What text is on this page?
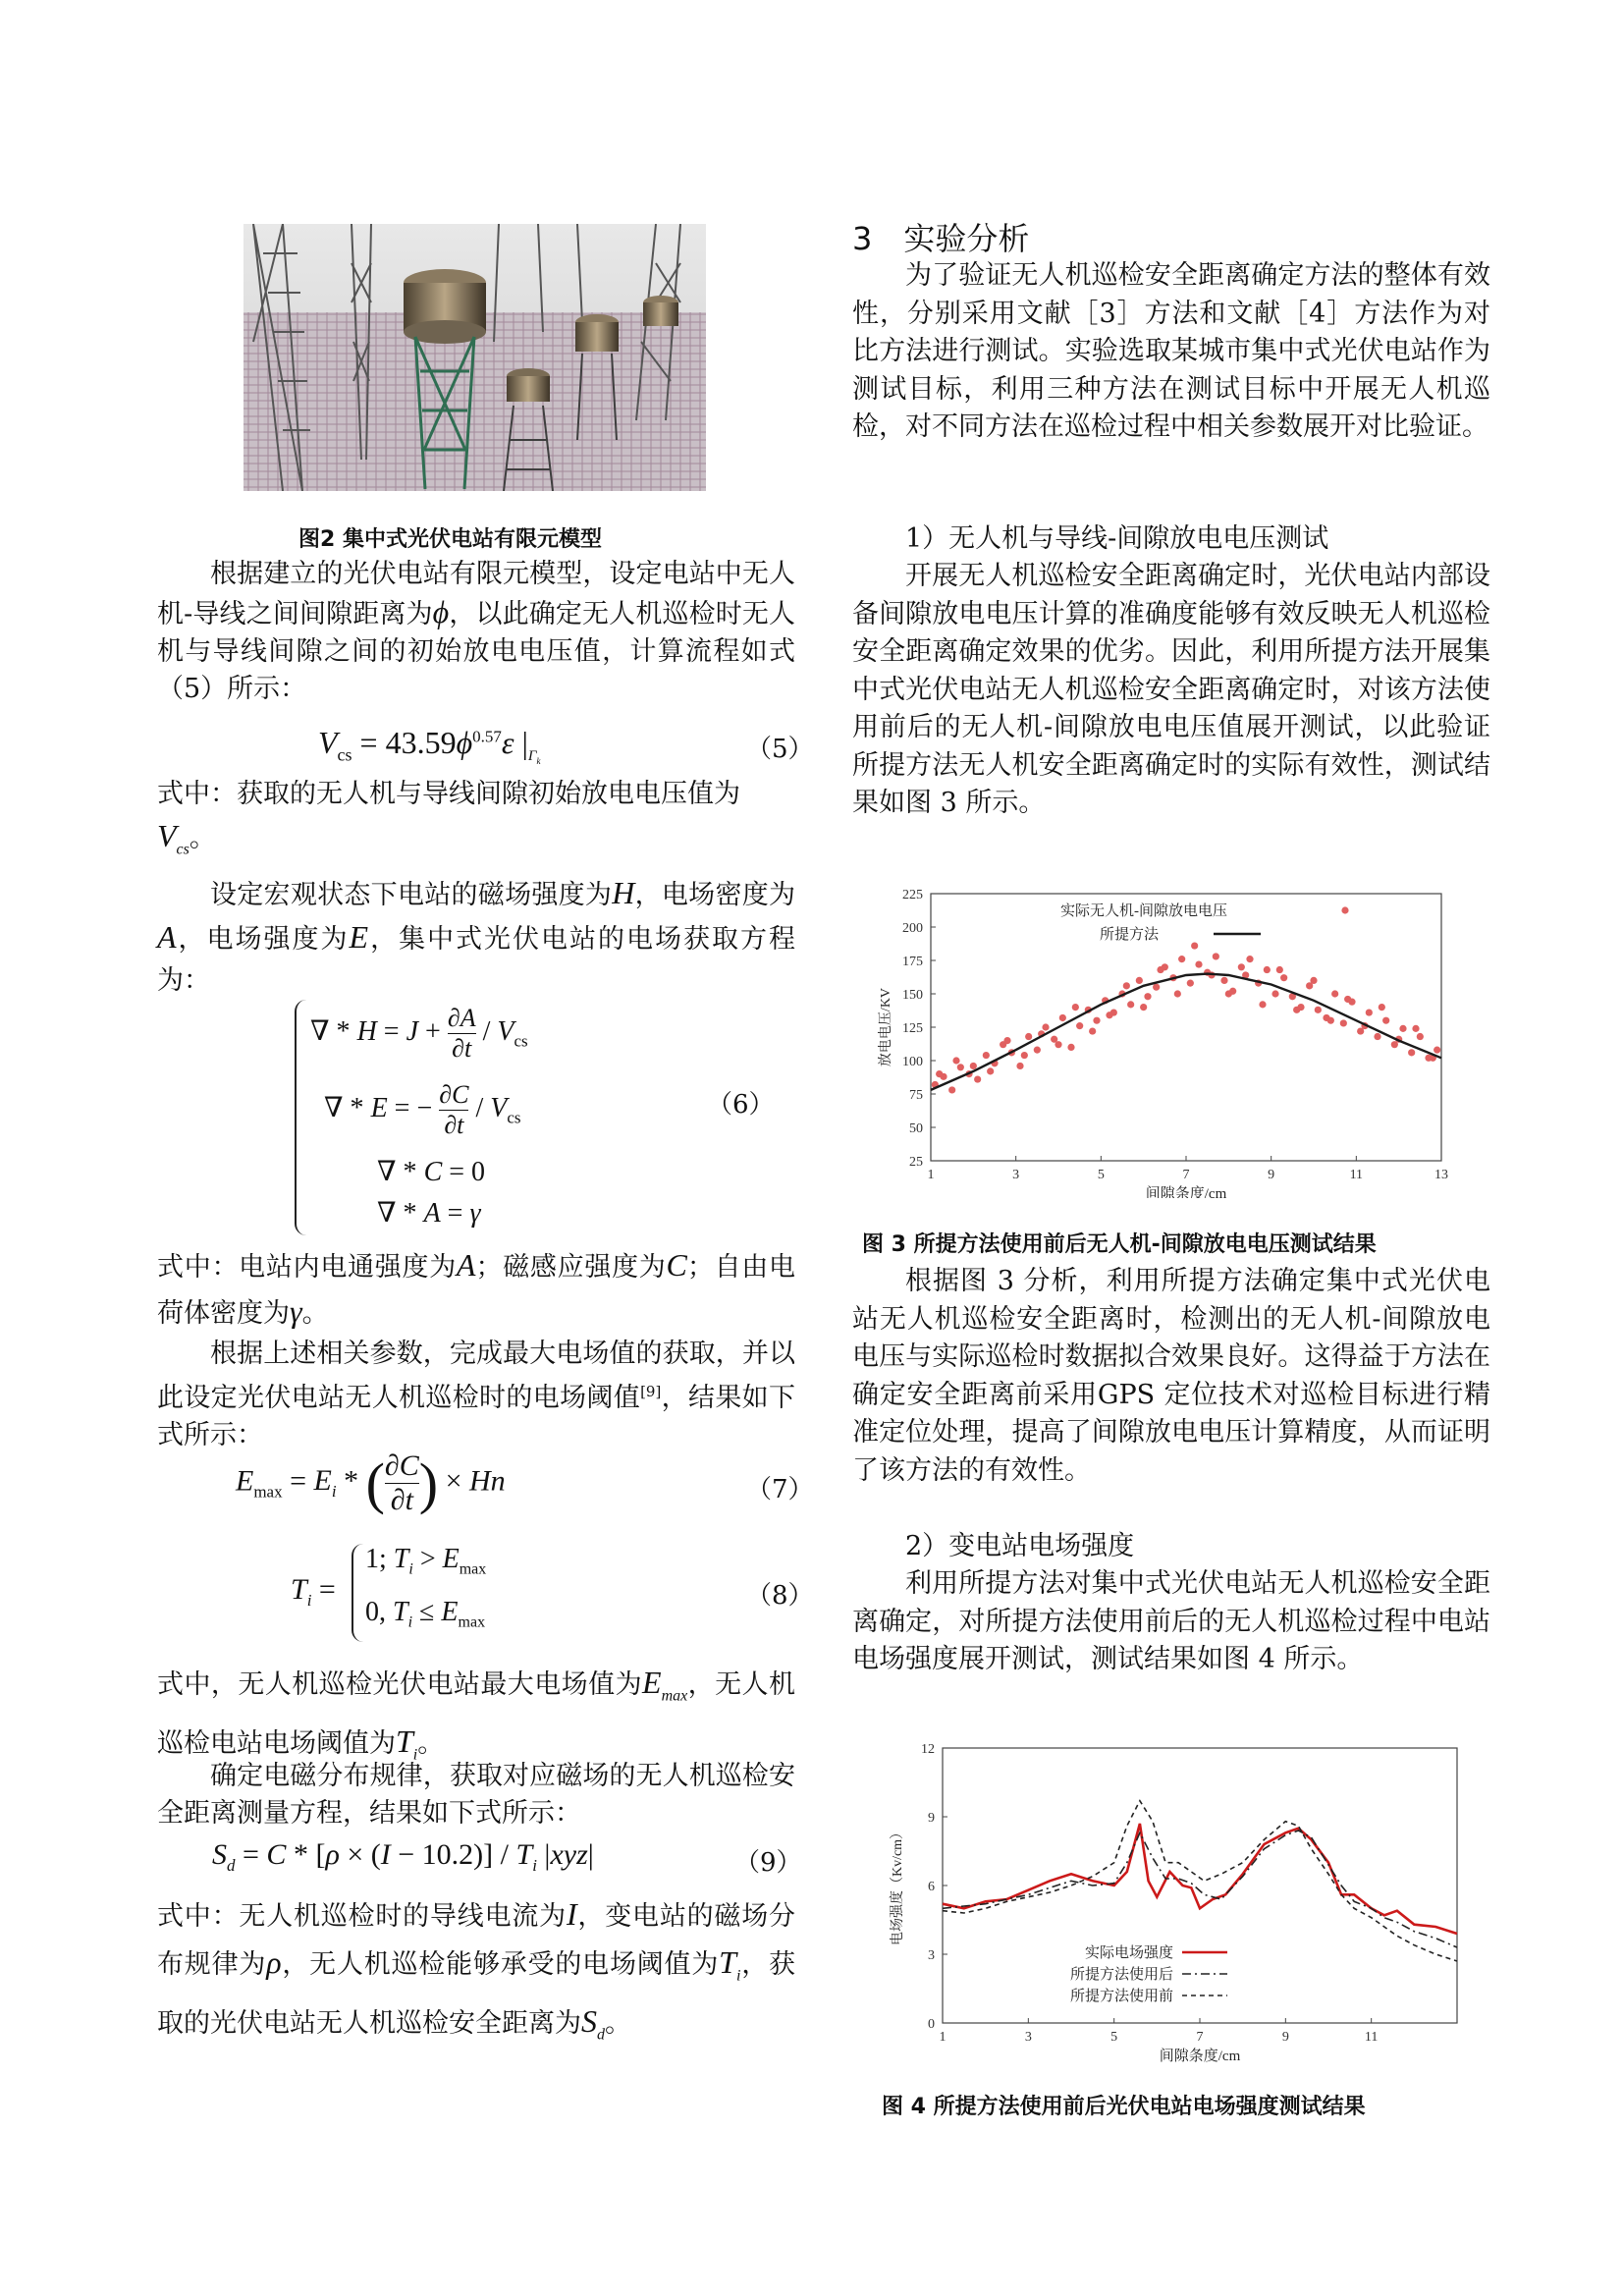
图2 集中式光伏电站有限元模型
根据建立的光伏电站有限元模型，设定电站中无人机-导线之间间隙距离为ϕ，以此确定无人机巡检时无人机与导线间隙之间的初始放电电压值，计算流程如式（5）所示：
$V_{cs} = 43.59\phi^{0.57}\varepsilon$ $|_{\Gamma_k}$	（5）
式中：获取的无人机与导线间隙初始放电电压值为
$V_{cs}$。
设定宏观状态下电站的磁场强度为H，电场密度为A，电场强度为E，集中式光伏电站的电场获取方程为：
∇ * $H = J + \frac{\partial A}{\partial t} / V_{cs}$
∇ * E = − $\frac{\partial C}{\partial t} / V_{cs}$
∇ * C = 0
∇ * A = γ
（6）
式中：电站内电通强度为A；磁感应强度为C；自由电荷体密度为γ。
根据上述相关参数，完成最大电场值的获取，并以此设定光伏电站无人机巡检时的电场阈值[9]，结果如下式所示：
$E_{max} = E_i$ * ( $\frac{\partial C}{\partial t}$ ) × Hn	（7）
$T_i$ =
1; $T_i > E_{max}$
0, $T_i \le E_{max}$
（8）
式中，无人机巡检光伏电站最大电场值为$E_{max}$，无人机巡检电站电场阈值为$T_i$。
确定电磁分布规律，获取对应磁场的无人机巡检安全距离测量方程，结果如下式所示：
$S_d = C * [\rho \times (I - 10.2)] / T_i$ |xyz|	（9）
式中：无人机巡检时的导线电流为I，变电站的磁场分布规律为ρ，无人机巡检能够承受的电场阈值为$T_i$，获取的光伏电站无人机巡检安全距离为$S_d$。
3　实验分析
为了验证无人机巡检安全距离确定方法的整体有效性，分别采用文献［3］方法和文献［4］方法作为对比方法进行测试。实验选取某城市集中式光伏电站作为测试目标，利用三种方法在测试目标中开展无人机巡检，对不同方法在巡检过程中相关参数展开对比验证。
1）无人机与导线-间隙放电电压测试
开展无人机巡检安全距离确定时，光伏电站内部设备间隙放电电压计算的准确度能够有效反映无人机巡检安全距离确定效果的优劣。因此，利用所提方法开展集中式光伏电站无人机巡检安全距离确定时，对该方法使用前后的无人机-间隙放电电压值展开测试，以此验证所提方法无人机安全距离确定时的实际有效性，测试结果如图 3 所示。
225
200
175
150
125
100
75
50
25
1	3	5	7	9	11	13
间隙条度/cm
放电电压/KV
实际无人机-间隙放电电压
所提方法
图 3 所提方法使用前后无人机-间隙放电电压测试结果
根据图 3 分析，利用所提方法确定集中式光伏电站无人机巡检安全距离时，检测出的无人机-间隙放电电压与实际巡检时数据拟合效果良好。这得益于方法在确定安全距离前采用GPS 定位技术对巡检目标进行精准定位处理，提高了间隙放电电压计算精度，从而证明了该方法的有效性。
2）变电站电场强度
利用所提方法对集中式光伏电站无人机巡检安全距离确定，对所提方法使用前后的无人机巡检过程中电站电场强度展开测试，测试结果如图 4 所示。
12
9
6
3
0
1	3	5	7	9	11
间隙条度/cm
电场强度（Kv/cm）
实际电场强度
所提方法使用后
所提方法使用前
图 4 所提方法使用前后光伏电站电场强度测试结果
